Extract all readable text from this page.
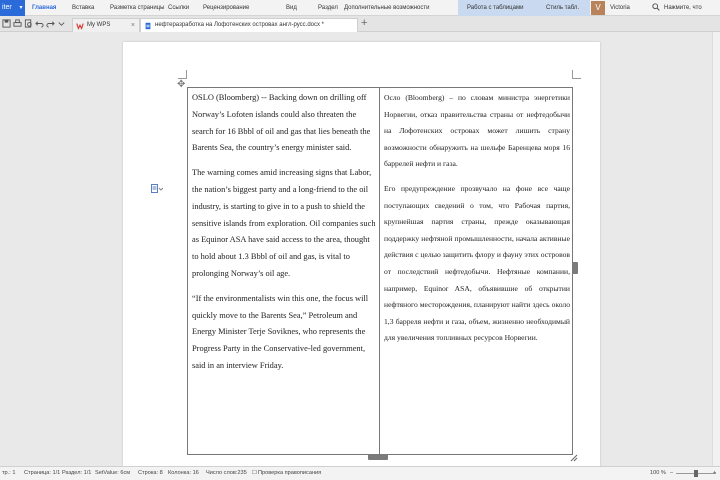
iter	▾	Главная	Вставка	Разметка страницы Ссылки Рецензирование	Вид	Раздел Дополнительные возможности	Работа с таблицами	Стиль табл.	V	Victoria	Нажмите, что
My WPS	×	нефтеразработка на Лофотенских островах англ-русс.docx *	+
✥

OSLO (Bloomberg) -- Backing down on drilling off Norway’s Lofoten islands could also threaten the search for 16 Bbbl of oil and gas that lies beneath the Barents Sea, the country’s energy minister said.

The warning comes amid increasing signs that Labor, the nation’s biggest party and a long-friend to the oil industry, is starting to give in to a push to shield the sensitive islands from exploration. Oil companies such as Equinor ASA have said access to the area, thought to hold about 1.3 Bbbl of oil and gas, is vital to prolonging Norway’s oil age.

“If the environmentalists win this one, the focus will quickly move to the Barents Sea,” Petroleum and Energy Minister Terje Soviknes, who represents the Progress Party in the Conservative-led government, said in an interview Friday.

Осло (Bloomberg) – по словам министра энергетики Норвегии, отказ правительства страны от нефтедобычи на Лофотенских островах может лишить страну возможности обнаружить на шельфе Баренцева моря 16 баррелей нефти и газа.

Его предупреждение прозвучало на фоне все чаще поступающих сведений о том, что Рабочая партия, крупнейшая партия страны, прежде оказывающая поддержку нефтяной промышленности, начала активные действия с целью защитить флору и фауну этих островов от последствий нефтедобычи. Нефтяные компании, например, Equinor ASA, объявившие об открытии нефтяного месторождения, планируют найти здесь около 1,3 барреля нефти и газа, объем, жизненно необходимый для увеличения топливных ресурсов Норвегии.

тр.: 1 Страница: 1/1 Раздел: 1/1 SetValue: 6см Строка: 8 Колонка: 16 Число слов:235 ☐ Проверка правописания	100 % –	+
